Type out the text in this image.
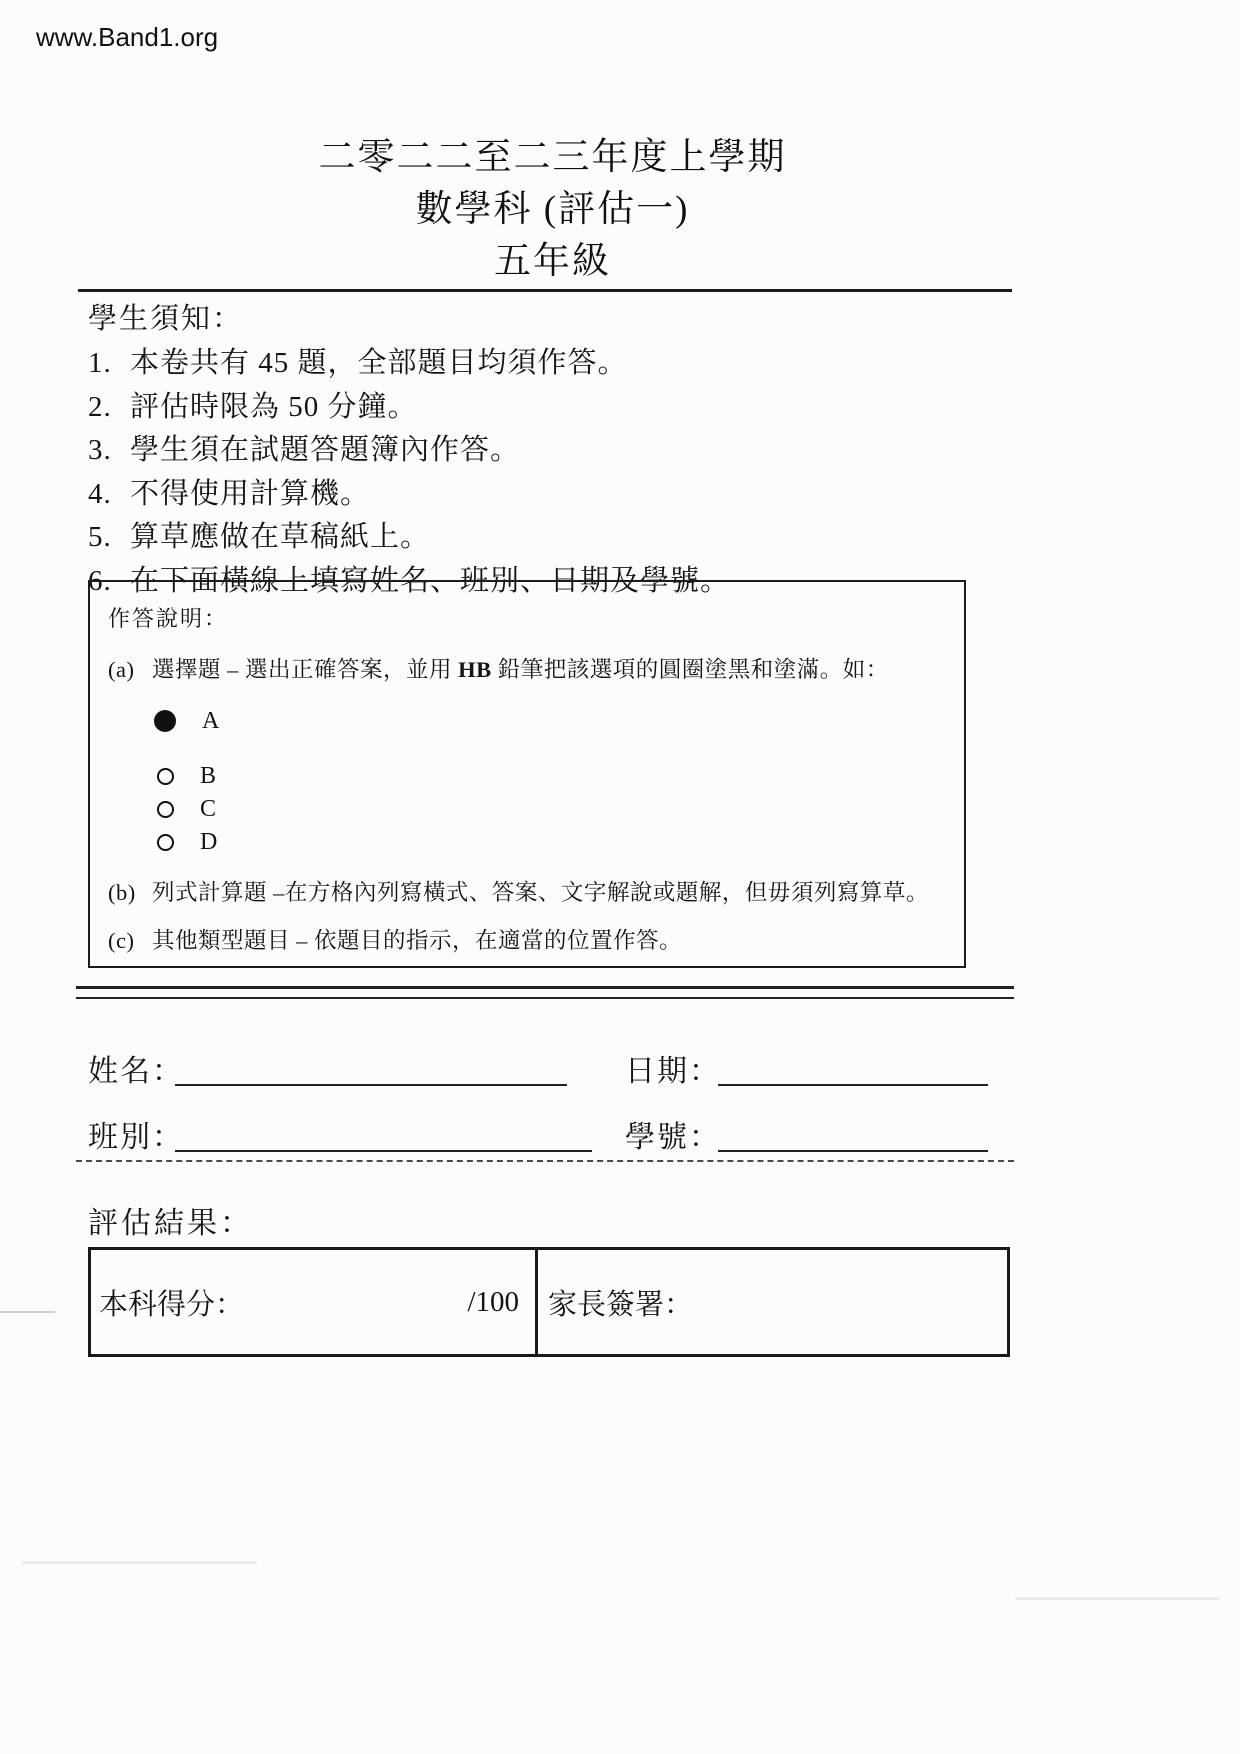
www.Band1.org
二零二二至二三年度上學期
數學科 (評估一)
五年級
學生須知：
1. 本卷共有 45 題，全部題目均須作答。
2. 評估時限為 50 分鐘。
3. 學生須在試題答題簿內作答。
4. 不得使用計算機。
5. 算草應做在草稿紙上。
6. 在下面橫線上填寫姓名、班別、日期及學號。
作答說明：
(a) 選擇題 – 選出正確答案，並用 HB 鉛筆把該選項的圓圈塗黑和塗滿。如：
A
B
C
D
(b) 列式計算題 –在方格內列寫橫式、答案、文字解說或題解，但毋須列寫算草。
(c) 其他類型題目 – 依題目的指示，在適當的位置作答。
姓名：	日期：
班別：	學號：
評估結果：
本科得分：	/100 家長簽署：
